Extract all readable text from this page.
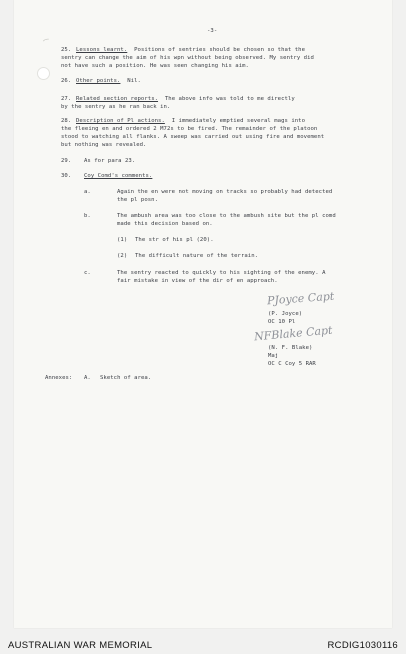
⁀
-3-
25. Lessons learnt. Positions of sentries should be chosen so that the
sentry can change the aim of his wpn without being observed. My sentry did
not have such a position. He was seen changing his aim.
26. Other points. Nil.
27. Related section reports. The above info was told to me directly
by the sentry as he ran back in.
28. Description of Pl actions. I immediately emptied several mags into
the fleeing en and ordered 2 M72s to be fired. The remainder of the platoon
stood to watching all flanks. A sweep was carried out using fire and movement
but nothing was revealed.
29. As for para 23.
30. Coy Comd's comments.
a.	Again the en were not moving on tracks so probably had detected
the pl posn.
b.	The ambush area was too close to the ambush site but the pl comd
made this decision based on.
(1) The str of his pl (20).
(2) The difficult nature of the terrain.
c.	The sentry reacted to quickly to his sighting of the enemy. A
fair mistake in view of the dir of en approach.
PJoyce Capt
(P. Joyce)
OC 10 Pl
NFBlake Capt
(N. F. Blake)
Maj
OC C Coy 5 RAR
Annexes: A. Sketch of area.
AUSTRALIAN WAR MEMORIAL	RCDIG1030116
